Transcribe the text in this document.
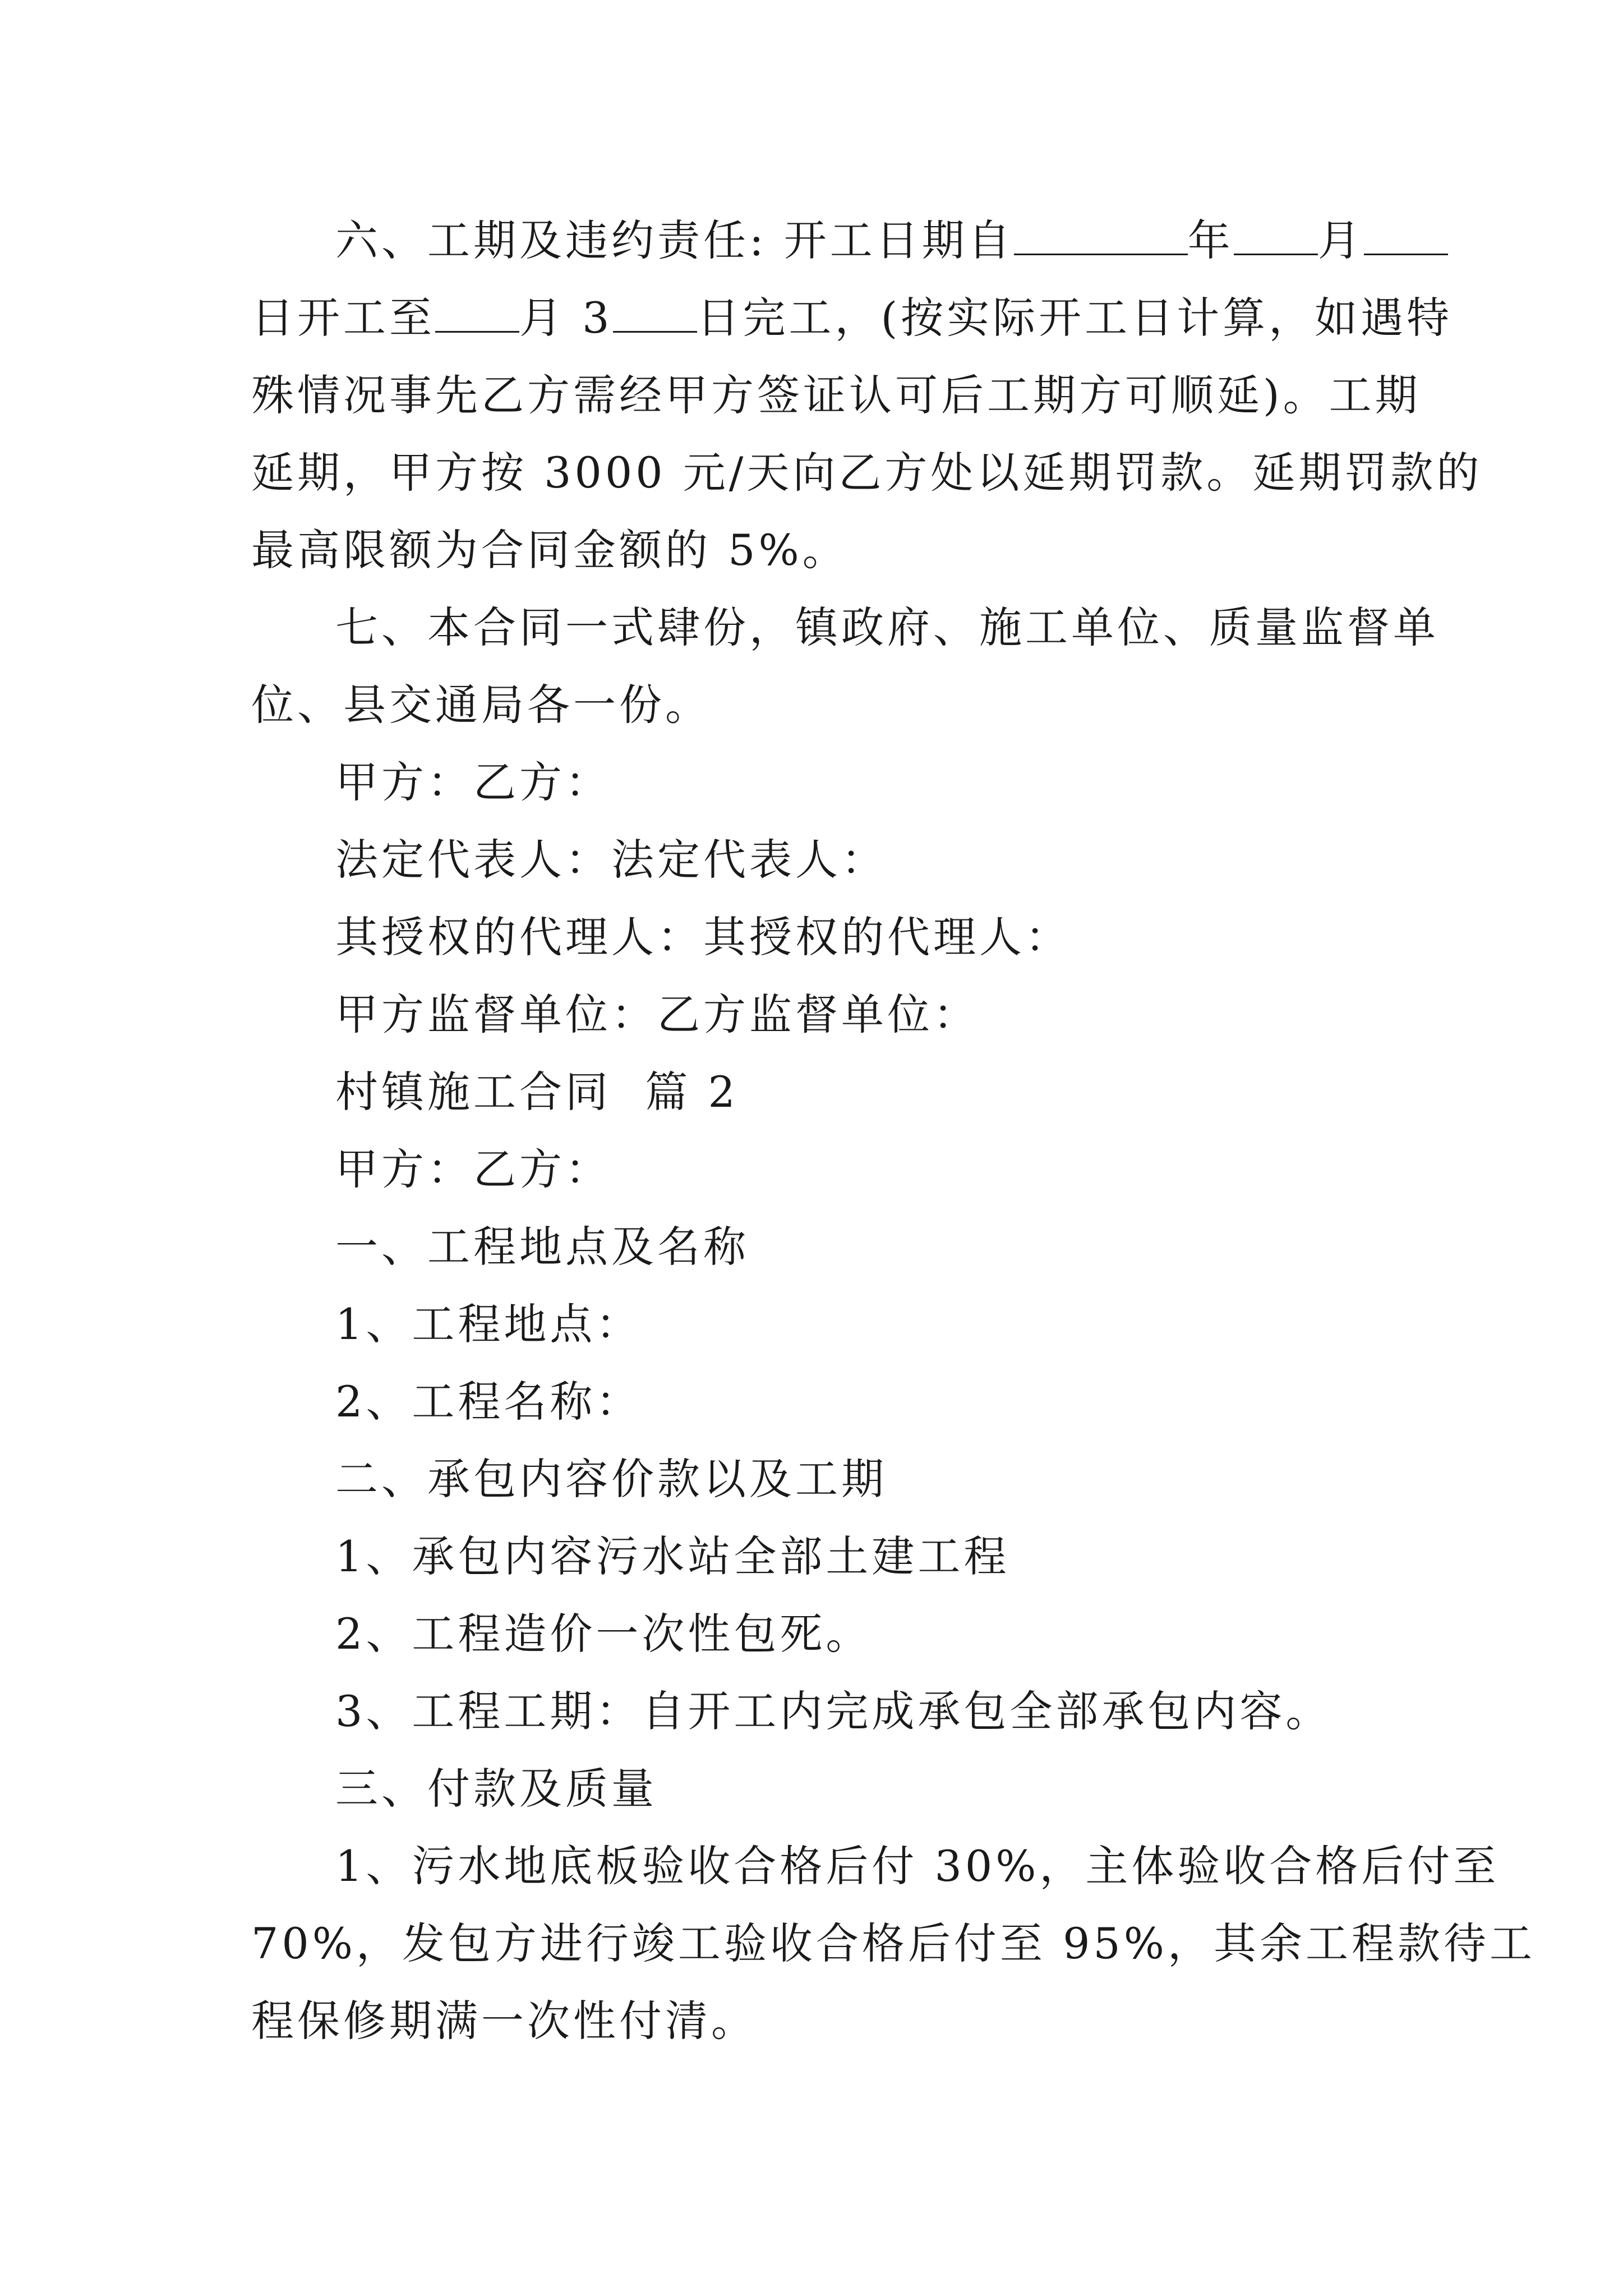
六、工期及违约责任: 开工日期自	年 月
日开工至 月 3 日完工，(按实际开工日计算，如遇特
殊情况事先乙方需经甲方签证认可后工期方可顺延)。工期
延期，甲方按 3000 元/天向乙方处以延期罚款。延期罚款的
最高限额为合同金额的 5%。
七、本合同一式肆份，镇政府、施工单位、质量监督单
位、县交通局各一份。
甲方：乙方：
法定代表人：法定代表人：
其授权的代理人：其授权的代理人：
甲方监督单位：乙方监督单位：
村镇施工合同  篇 2
甲方：乙方：
一、工程地点及名称
1、工程地点：
2、工程名称：
二、承包内容价款以及工期
1、承包内容污水站全部土建工程
2、工程造价一次性包死。
3、工程工期：自开工内完成承包全部承包内容。
三、付款及质量
1、污水地底板验收合格后付 30%，主体验收合格后付至
70%，发包方进行竣工验收合格后付至 95%，其余工程款待工
程保修期满一次性付清。
